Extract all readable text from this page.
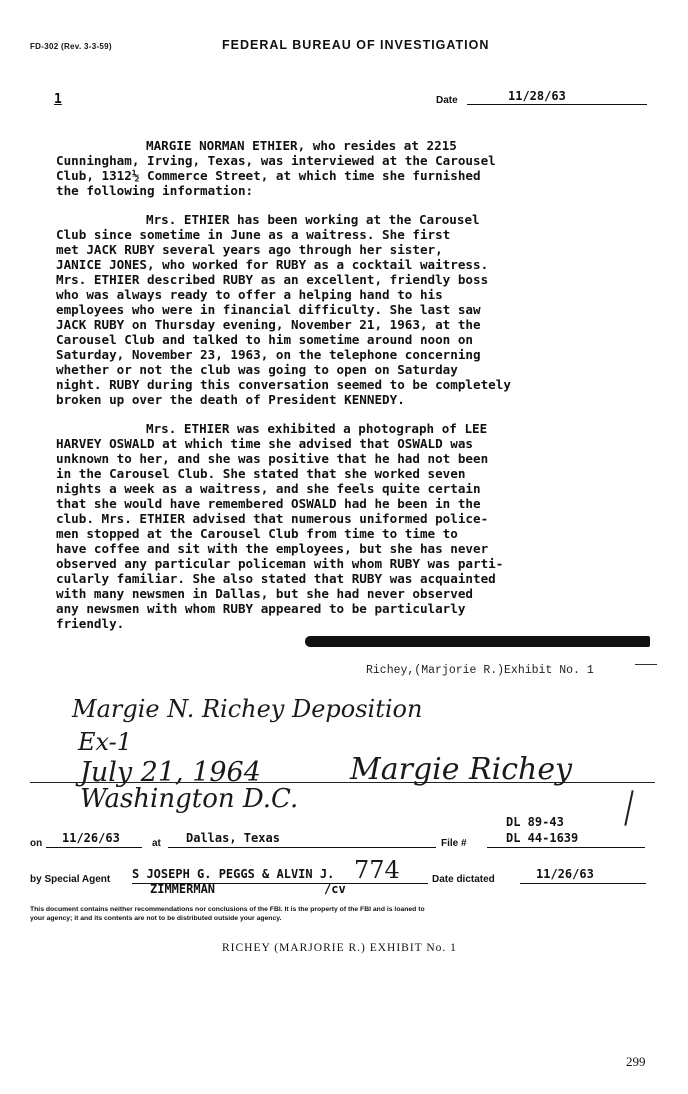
FD-302 (Rev. 3-3-59)	FEDERAL BUREAU OF INVESTIGATION
1	Date	11/28/63
MARGIE NORMAN ETHIER, who resides at 2215
Cunningham, Irving, Texas, was interviewed at the Carousel
Club, 1312½ Commerce Street, at which time she furnished
the following information:
Mrs. ETHIER has been working at the Carousel
Club since sometime in June as a waitress. She first
met JACK RUBY several years ago through her sister,
JANICE JONES, who worked for RUBY as a cocktail waitress.
Mrs. ETHIER described RUBY as an excellent, friendly boss
who was always ready to offer a helping hand to his
employees who were in financial difficulty. She last saw
JACK RUBY on Thursday evening, November 21, 1963, at the
Carousel Club and talked to him sometime around noon on
Saturday, November 23, 1963, on the telephone concerning
whether or not the club was going to open on Saturday
night. RUBY during this conversation seemed to be completely
broken up over the death of President KENNEDY.
Mrs. ETHIER was exhibited a photograph of LEE
HARVEY OSWALD at which time she advised that OSWALD was
unknown to her, and she was positive that he had not been
in the Carousel Club. She stated that she worked seven
nights a week as a waitress, and she feels quite certain
that she would have remembered OSWALD had he been in the
club. Mrs. ETHIER advised that numerous uniformed police-
men stopped at the Carousel Club from time to time to
have coffee and sit with the employees, but she has never
observed any particular policeman with whom RUBY was parti-
cularly familiar. She also stated that RUBY was acquainted
with many newsmen in Dallas, but she had never observed
any newsmen with whom RUBY appeared to be particularly
friendly.
Richey,(Marjorie R.)Exhibit No. 1
Margie N. Richey Deposition
Ex-1
July 21, 1964
Washington D.C.
Margie Richey
on 11/26/63	at Dallas, Texas	File #
DL 89-43
DL 44-1639
by Special Agent S JOSEPH G. PEGGS & ALVIN J. 774
ZIMMERMAN	/cv
Date dictated	11/26/63
This document contains neither recommendations nor conclusions of the FBI. It is the property of the FBI and is loaned to
your agency; it and its contents are not to be distributed outside your agency.
RICHEY (MARJORIE R.) EXHIBIT No. 1
299
